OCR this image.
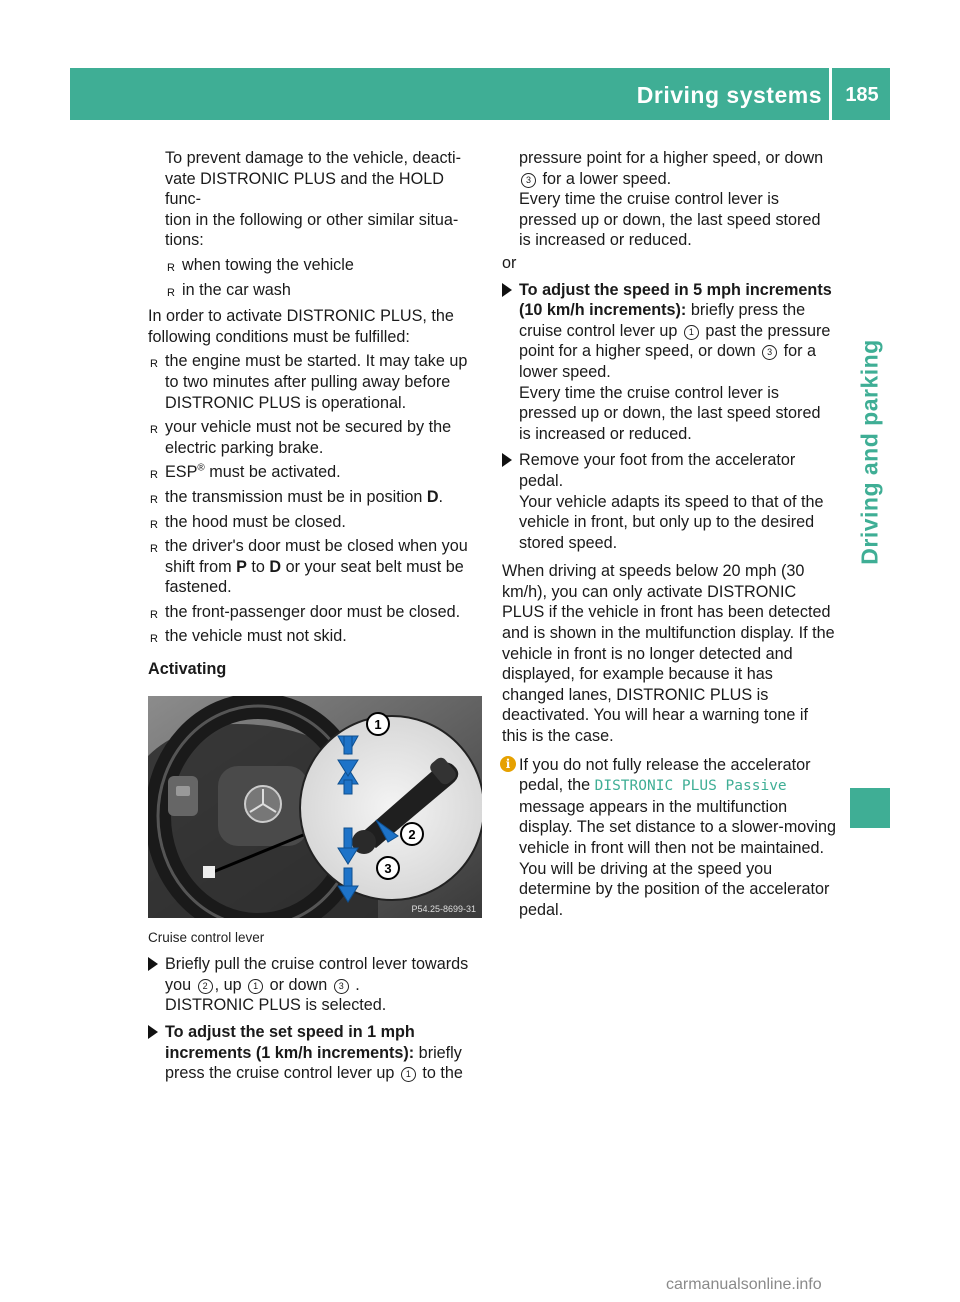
Driving systems	185
Driving and parking

To prevent damage to the vehicle, deacti-

vate DISTRONIC PLUS and the HOLD func-

tion in the following or other similar situa-

tions:

R when towing the vehicle
R in the car wash

In order to activate DISTRONIC PLUS, the following conditions must be fulfilled:

R the engine must be started. It may take up to two minutes after pulling away before DISTRONIC PLUS is operational.
R your vehicle must not be secured by the electric parking brake.
R ESP® must be activated.
R the transmission must be in position D.
R the hood must be closed.
R the driver's door must be closed when you shift from P to D or your seat belt must be fastened.
R the front-passenger door must be closed.
R the vehicle must not skid.

Activating

1
2
3
P54.25-8699-31

Cruise control lever

Briefly pull the cruise control lever towards you 2 , up 1 or down 3 .

DISTRONIC PLUS is selected.

To adjust the set speed in 1 mph increments (1 km/h increments): briefly press the cruise control lever up 1 to the
pressure point for a higher speed, or down 3 for a lower speed.

Every time the cruise control lever is pressed up or down, the last speed stored is increased or reduced.

or

To adjust the speed in 5 mph increments (10 km/h increments): briefly press the cruise control lever up 1 past the pressure point for a higher speed, or down 3 for a lower speed.

Every time the cruise control lever is pressed up or down, the last speed stored is increased or reduced.

Remove your foot from the accelerator pedal.

Your vehicle adapts its speed to that of the vehicle in front, but only up to the desired stored speed.

When driving at speeds below 20 mph (30 km/h), you can only activate DISTRONIC PLUS if the vehicle in front has been detected and is shown in the multifunction display. If the vehicle in front is no longer detected and displayed, for example because it has changed lanes, DISTRONIC PLUS is deactivated. You will hear a warning tone if this is the case.

i If you do not fully release the accelerator pedal, the DISTRONIC PLUS Passive message appears in the multifunction display. The set distance to a slower-moving vehicle in front will then not be maintained. You will be driving at the speed you determine by the position of the accelerator pedal.
carmanualsonline.info
